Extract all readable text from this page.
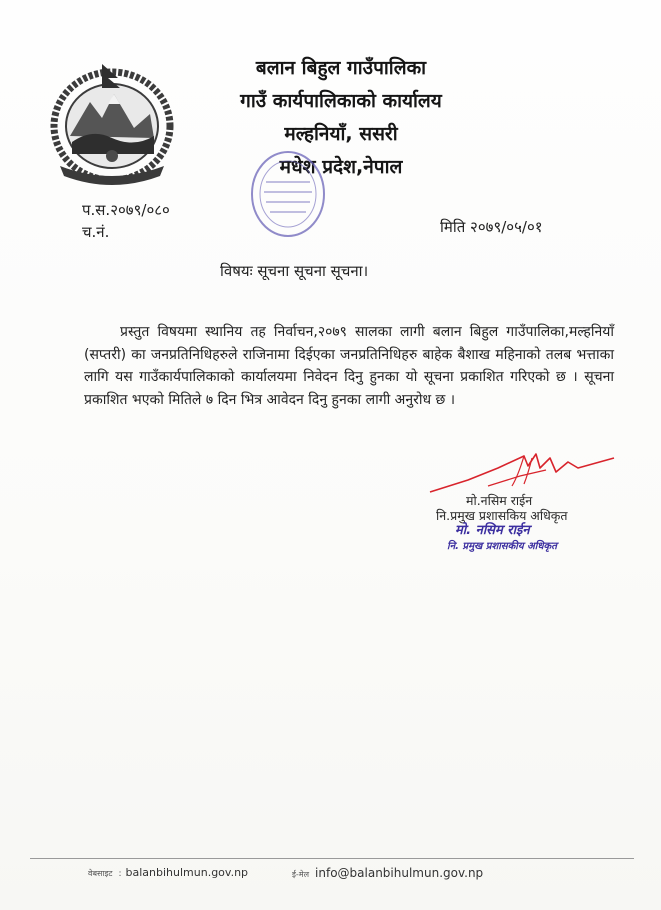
बलान बिहुल गाउँपालिका
गाउँ कार्यपालिकाको कार्यालय
मल्हनियाँ, ससरी
मधेश प्रदेश,नेपाल
प.स.२०७९/०८०
च.नं.	मिति २०७९/०५/०१
विषयः सूचना सूचना सूचना।
प्रस्तुत विषयमा स्थानिय तह निर्वाचन,२०७९ सालका लागी बलान बिहुल गाउँपालिका,मल्हनियाँ (सप्तरी) का जनप्रतिनिधिहरुले राजिनामा दिईएका जनप्रतिनिधिहरु बाहेक बैशाख महिनाको तलब भत्ताका लागि यस गाउँकार्यपालिकाको कार्यालयमा निवेदन दिनु हुनका यो सूचना प्रकाशित गरिएको छ । सूचना प्रकाशित भएको मितिले ७ दिन भित्र आवेदन दिनु हुनका लागी अनुरोध छ ।
मो.नसिम राईन
नि.प्रमुख प्रशासकिय अधिकृत
मो. नसिम राईन
नि. प्रमुख प्रशासकीय अधिकृत
वेबसाइट : balanbihulmun.gov.np	ई-मेल info@balanbihulmun.gov.np
